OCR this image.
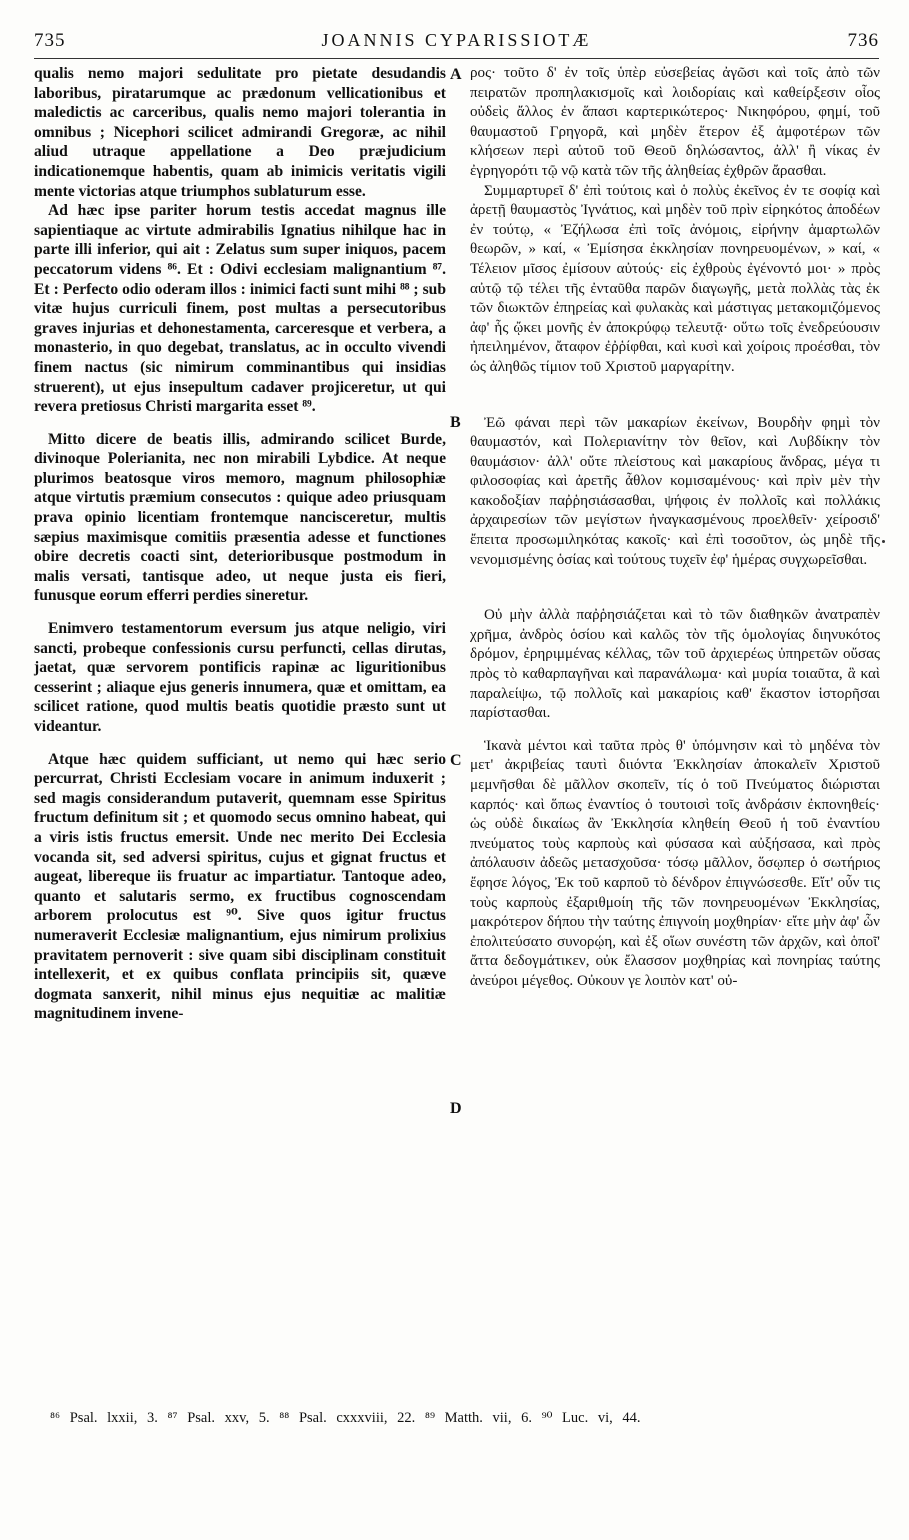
735	JOANNIS CYPARISSIOTÆ	736

qualis nemo majori sedulitate pro pietate desudandis laboribus, piratarumque ac prædonum vellicationibus et maledictis ac carceribus, qualis nemo majori tolerantia in omnibus ; Nicephori scilicet admirandi Gregoræ, ac nihil aliud utraque appellatione a Deo præjudicium indicationemque habentis, quam ab inimicis veritatis vigili mente victorias atque triumphos sublaturum esse.

Ad hæc ipse pariter horum testis accedat magnus ille sapientiaque ac virtute admirabilis Ignatius nihilque hac in parte illi inferior, qui ait : Zelatus sum super iniquos, pacem peccatorum videns ⁸⁶. Et : Odivi ecclesiam malignantium ⁸⁷. Et : Perfecto odio oderam illos : inimici facti sunt mihi ⁸⁸ ; sub vitæ hujus curriculi finem, post multas a persecutoribus graves injurias et dehonestamenta, carceresque et verbera, a monasterio, in quo degebat, translatus, ac in occulto vivendi finem nactus (sic nimirum comminantibus qui insidias struerent), ut ejus insepultum cadaver projiceretur, ut qui revera pretiosus Christi margarita esset ⁸⁹.

Mitto dicere de beatis illis, admirando scilicet Burde, divinoque Polerianita, nec non mirabili Lybdice. At neque plurimos beatosque viros memoro, magnum philosophiæ atque virtutis præmium consecutos : quique adeo priusquam prava opinio licentiam frontemque nancisceretur, multis sæpius maximisque comitiis præsentia adesse et functiones obire decretis coacti sint, deterioribusque postmodum in malis versati, tantisque adeo, ut neque justa eis fieri, funusque eorum efferri perdies sineretur.

Enimvero testamentorum eversum jus atque neligio, viri sancti, probeque confessionis cursu perfuncti, cellas dirutas, jaetat, quæ servorem pontificis rapinæ ac liguritionibus cesserint ; aliaque ejus generis innumera, quæ et omittam, ea scilicet ratione, quod multis beatis quotidie præsto sunt ut videantur.

Atque hæc quidem sufficiant, ut nemo qui hæc serio percurrat, Christi Ecclesiam vocare in animum induxerit ; sed magis considerandum putaverit, quemnam esse Spiritus fructum definitum sit ; et quomodo secus omnino habeat, qui a viris istis fructus emersit. Unde nec merito Dei Ecclesia vocanda sit, sed adversi spiritus, cujus et gignat fructus et augeat, libereque iis fruatur ac impartiatur. Tantoque adeo, quanto et salutaris sermo, ex fructibus cognoscendam arborem prolocutus est ⁹⁰. Sive quos igitur fructus numeraverit Ecclesiæ malignantium, ejus nimirum prolixius pravitatem pernoverit : sive quam sibi disciplinam constituit intellexerit, et ex quibus conflata principiis sit, quæve dogmata sanxerit, nihil minus ejus nequitiæ ac malitiæ magnitudinem invene-

ρος· τοῦτο δ' ἐν τοῖς ὑπὲρ εὐσεβείας ἀγῶσι καὶ τοῖς ἀπὸ τῶν πειρατῶν προπηλακισμοῖς καὶ λοιδορίαις καὶ καθείρξεσιν οἷος οὐδεὶς ἄλλος ἐν ἅπασι καρτερικώτερος· Νικηφόρου, φημί, τοῦ θαυμαστοῦ Γρηγορᾶ, καὶ μηδὲν ἕτερον ἐξ ἀμφοτέρων τῶν κλήσεων περὶ αὐτοῦ τοῦ Θεοῦ δηλώσαντος, ἀλλ' ἢ νίκας ἐν ἐγρηγορότι τῷ νῷ κατὰ τῶν τῆς ἀληθείας ἐχθρῶν ἄρασθαι.

Συμμαρτυρεῖ δ' ἐπὶ τούτοις καὶ ὁ πολὺς ἐκεῖνος ἐν τε σοφίᾳ καὶ ἀρετῇ θαυμαστὸς Ἰγνάτιος, καὶ μηδὲν τοῦ πρὶν εἰρηκότος ἀποδέων ἐν τούτῳ, « Ἐζήλωσα ἐπὶ τοῖς ἀνόμοις, εἰρήνην ἁμαρτωλῶν θεωρῶν, » καί, « Ἐμίσησα ἐκκλησίαν πονηρευομένων, » καί, « Τέλειον μῖσος ἐμίσουν αὐτούς· εἰς ἐχθροὺς ἐγένοντό μοι· » πρὸς αὐτῷ τῷ τέλει τῆς ἐνταῦθα παρῶν διαγωγῆς, μετὰ πολλὰς τὰς ἐκ τῶν διωκτῶν ἐπηρείας καὶ φυλακὰς καὶ μάστιγας μετακομιζόμενος ἀφ' ἧς ᾤκει μονῆς ἐν ἀποκρύφῳ τελευτᾷ· οὕτω τοῖς ἐνεδρεύουσιν ἠπειλημένον, ἄταφον ἐῤῥίφθαι, καὶ κυσὶ καὶ χοίροις προέσθαι, τὸν ὡς ἀληθῶς τίμιον τοῦ Χριστοῦ μαργαρίτην.

Ἐῶ φάναι περὶ τῶν μακαρίων ἐκείνων, Βουρδὴν φημὶ τὸν θαυμαστόν, καὶ Πολεριανίτην τὸν θεῖον, καὶ Λυβδίκην τὸν θαυμάσιον· ἀλλ' οὔτε πλείστους καὶ μακαρίους ἄνδρας, μέγα τι φιλοσοφίας καὶ ἀρετῆς ἆθλον κομισαμένους· καὶ πρὶν μὲν τὴν κακοδοξίαν παῤῥησιάσασθαι, ψήφοις ἐν πολλοῖς καὶ πολλάκις ἀρχαιρεσίων τῶν μεγίστων ἠναγκασμένους προελθεῖν· χείροσιδ' ἔπειτα προσωμιληκότας κακοῖς· καὶ ἐπὶ τοσοῦτον, ὡς μηδὲ τῆς νενομισμένης ὁσίας καὶ τούτους τυχεῖν ἐφ' ἡμέρας συγχωρεῖσθαι.

Οὐ μὴν ἀλλὰ παῤῥησιάζεται καὶ τὸ τῶν διαθηκῶν ἀνατραπὲν χρῆμα, ἀνδρὸς ὁσίου καὶ καλῶς τὸν τῆς ὁμολογίας διηνυκότος δρόμον, ἐρηριμμένας κέλλας, τῶν τοῦ ἀρχιερέως ὑπηρετῶν οὔσας πρὸς τὸ καθαρπαγῆναι καὶ παρανάλωμα· καὶ μυρία τοιαῦτα, ἃ καὶ παραλείψω, τῷ πολλοῖς καὶ μακαρίοις καθ' ἕκαστον ἱστορῆσαι παρίστασθαι.

Ἱκανὰ μέντοι καὶ ταῦτα πρὸς θ' ὑπόμνησιν καὶ τὸ μηδένα τὸν μετ' ἀκριβείας ταυτὶ διιόντα Ἐκκλησίαν ἀποκαλεῖν Χριστοῦ μεμνῆσθαι δὲ μᾶλλον σκοπεῖν, τίς ὁ τοῦ Πνεύματος διώρισται καρπός· καὶ ὅπως ἐναντίος ὁ τουτοισὶ τοῖς ἀνδράσιν ἐκπονηθείς· ὡς οὐδὲ δικαίως ἂν Ἐκκλησία κληθείη Θεοῦ ἡ τοῦ ἐναντίου πνεύματος τοὺς καρποὺς καὶ φύσασα καὶ αὐξήσασα, καὶ πρὸς ἀπόλαυσιν ἀδεῶς μετασχοῦσα· τόσῳ μᾶλλον, ὅσῳπερ ὁ σωτήριος ἔφησε λόγος, Ἐκ τοῦ καρποῦ τὸ δένδρον ἐπιγνώσεσθε. Εἴτ' οὖν τις τοὺς καρποὺς ἐξαριθμοίη τῆς τῶν πονηρευομένων Ἐκκλησίας, μακρότερον δήπου τὴν ταύτης ἐπιγνοίη μοχθηρίαν· εἴτε μὴν ἀφ' ὧν ἐπολιτεύσατο συνορῴη, καὶ ἐξ οἵων συνέστη τῶν ἀρχῶν, καὶ ὁποῖ' ἄττα δεδογμάτικεν, οὐκ ἔλασσον μοχθηρίας καὶ πονηρίας ταύτης ἀνεύροι μέγεθος. Οὐκουν γε λοιπὸν κατ' οὐ-

A
B
C
D
⁸⁶ Psal. lxxii, 3. ⁸⁷ Psal. xxv, 5. ⁸⁸ Psal. cxxxviii, 22. ⁸⁹ Matth. vii, 6. ⁹⁰ Luc. vi, 44.
